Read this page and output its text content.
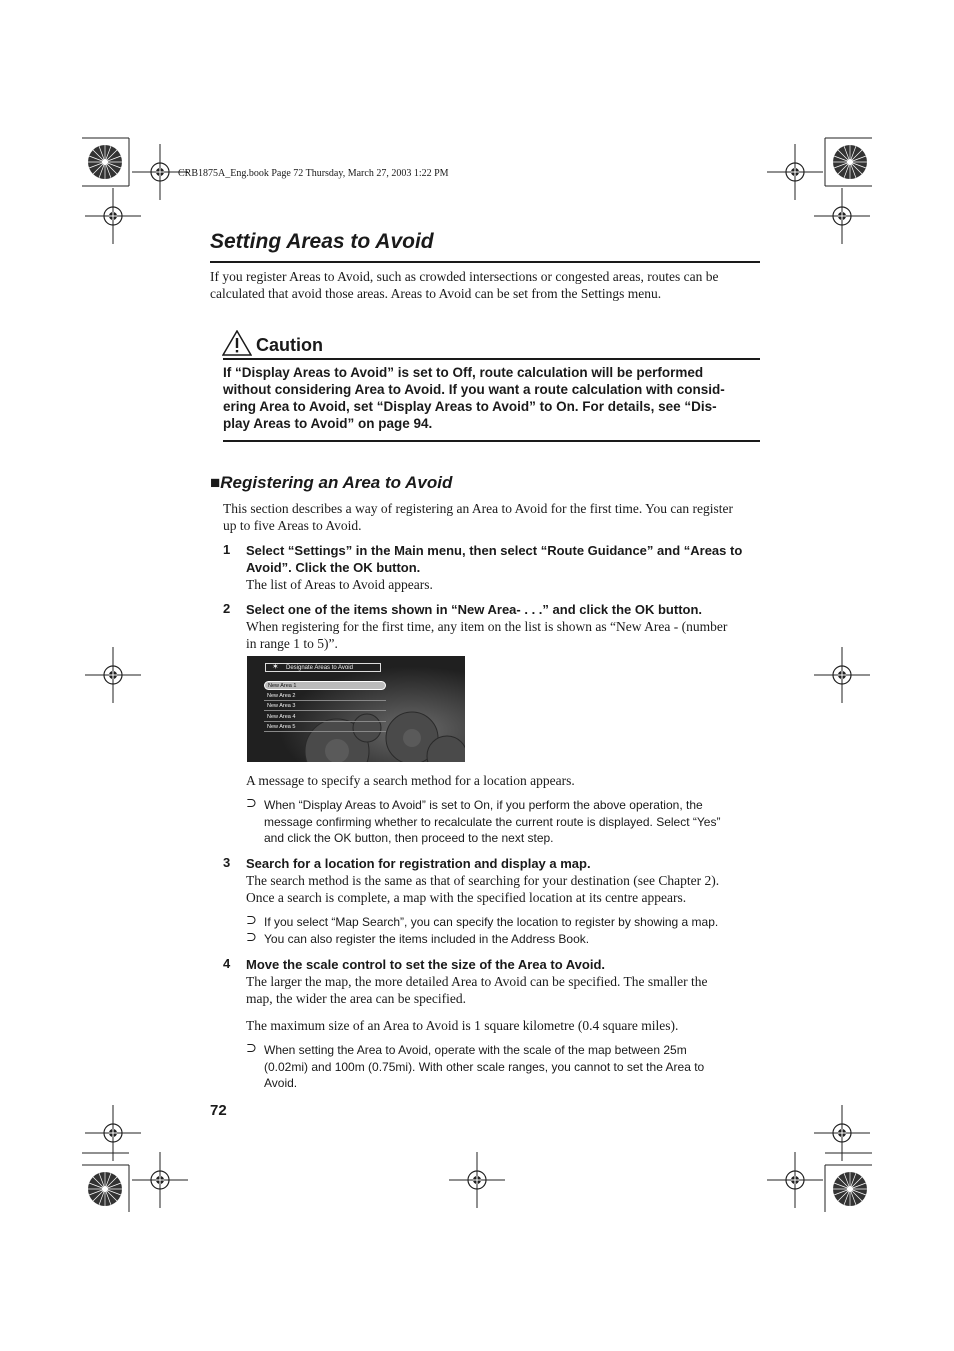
CRB1875A_Eng.book Page 72 Thursday, March 27, 2003 1:22 PM
Setting Areas to Avoid
If you register Areas to Avoid, such as crowded intersections or congested areas, routes can be
calculated that avoid those areas. Areas to Avoid can be set from the Settings menu.
Caution
If “Display Areas to Avoid” is set to Off, route calculation will be performed
without considering Area to Avoid. If you want a route calculation with consid-
ering Area to Avoid, set “Display Areas to Avoid” to On. For details, see “Dis-
play Areas to Avoid” on page 94.
■Registering an Area to Avoid
This section describes a way of registering an Area to Avoid for the first time. You can register
up to five Areas to Avoid.
1 Select “Settings” in the Main menu, then select “Route Guidance” and “Areas to
Avoid”. Click the OK button.
The list of Areas to Avoid appears.
2 Select one of the items shown in “New Area- . . .” and click the OK button.
When registering for the first time, any item on the list is shown as “New Area - (number
in range 1 to 5)”.
Designate Areas to Avoid
✶
New Area 1
New Area 2
New Area 3
New Area 4
New Area 5
A message to specify a search method for a location appears.
⊃ When “Display Areas to Avoid” is set to On, if you perform the above operation, the
message confirming whether to recalculate the current route is displayed. Select “Yes”
and click the OK button, then proceed to the next step.
3 Search for a location for registration and display a map.
The search method is the same as that of searching for your destination (see Chapter 2).
Once a search is complete, a map with the specified location at its centre appears.
⊃ If you select “Map Search”, you can specify the location to register by showing a map.
⊃ You can also register the items included in the Address Book.
4 Move the scale control to set the size of the Area to Avoid.
The larger the map, the more detailed Area to Avoid can be specified. The smaller the
map, the wider the area can be specified.
The maximum size of an Area to Avoid is 1 square kilometre (0.4 square miles).
⊃ When setting the Area to Avoid, operate with the scale of the map between 25m
(0.02mi) and 100m (0.75mi). With other scale ranges, you cannot to set the Area to
Avoid.
72
